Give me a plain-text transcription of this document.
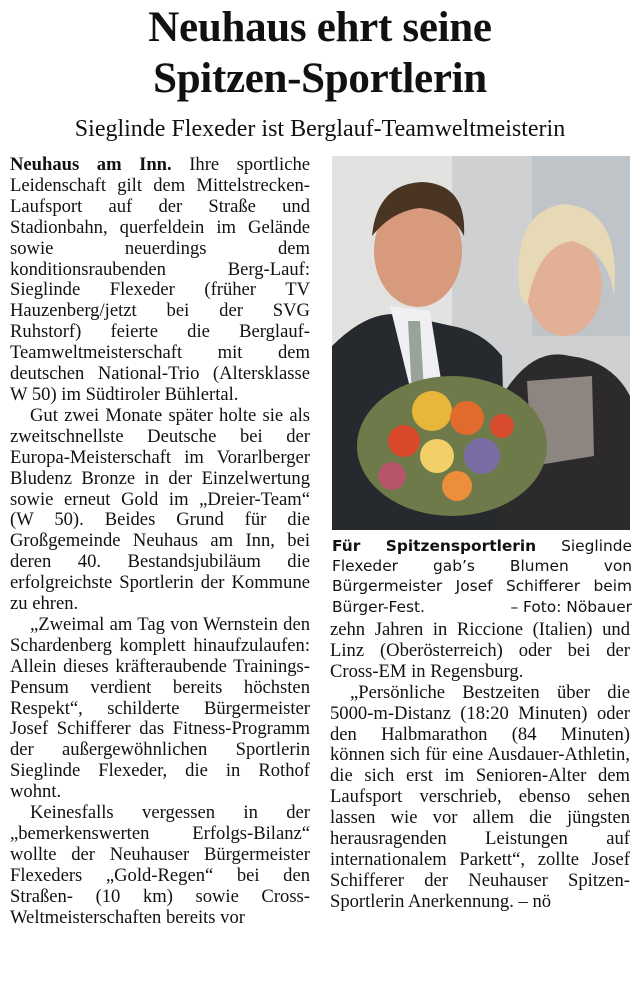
Neuhaus ehrt seine
Spitzen-Sportlerin
Sieglinde Flexeder ist Berglauf-Teamweltmeisterin

Neuhaus am Inn. Ihre sportliche Leidenschaft gilt dem Mittelstrecken-Laufsport auf der Straße und Stadionbahn, querfeldein im Gelände sowie neuerdings dem konditionsraubenden Berg-Lauf: Sieglinde Flexeder (früher TV Hauzenberg/jetzt bei der SVG Ruhstorf) feierte die Berglauf-Teamweltmeisterschaft mit dem deutschen National-Trio (Altersklasse W 50) im Südtiroler Bühlertal.

Gut zwei Monate später holte sie als zweitschnellste Deutsche bei der Europa-Meisterschaft im Vorarlberger Bludenz Bronze in der Einzelwertung sowie erneut Gold im „Dreier-Team“ (W 50). Beides Grund für die Großgemeinde Neuhaus am Inn, bei deren 40. Bestandsjubiläum die erfolgreichste Sportlerin der Kommune zu ehren.

„Zweimal am Tag von Wernstein den Schardenberg komplett hinaufzulaufen: Allein dieses kräfteraubende Trainings-Pensum verdient bereits höchsten Respekt“, schilderte Bürgermeister Josef Schifferer das Fitness-Programm der außergewöhnlichen Sportlerin Sieglinde Flexeder, die in Rothof wohnt.

Keinesfalls vergessen in der „bemerkenswerten Erfolgs-Bilanz“ wollte der Neuhauser Bürgermeister Flexeders „Gold-Regen“ bei den Straßen- (10 km) sowie Cross-Weltmeisterschaften bereits vor

Für Spitzensportlerin Sieglinde Flexeder gab’s Blumen von Bürgermeister Josef Schifferer beim Bürger-Fest.	– Foto: Nöbauer

zehn Jahren in Riccione (Italien) und Linz (Oberösterreich) oder bei der Cross-EM in Regensburg.

„Persönliche Bestzeiten über die 5000-m-Distanz (18:20 Minuten) oder den Halbmarathon (84 Minuten) können sich für eine Ausdauer-Athletin, die sich erst im Senioren-Alter dem Laufsport verschrieb, ebenso sehen lassen wie vor allem die jüngsten herausragenden Leistungen auf internationalem Parkett“, zollte Josef Schifferer der Neuhauser Spitzen-Sportlerin Anerkennung. – nö
